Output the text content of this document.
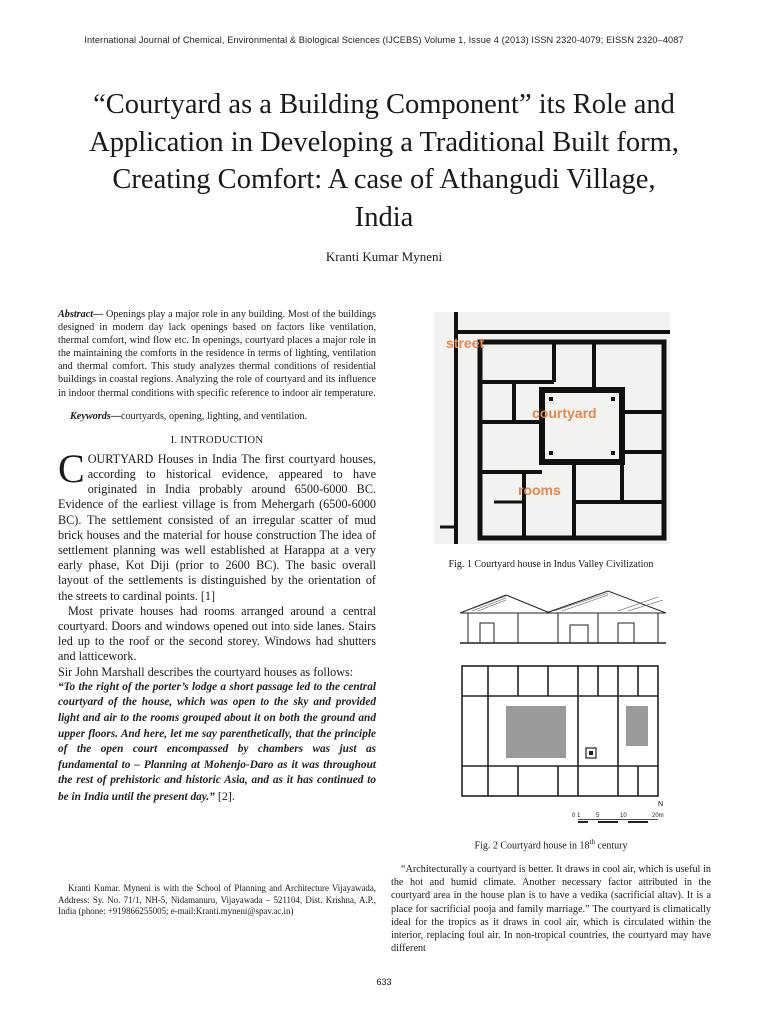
International Journal of Chemical, Environmental & Biological Sciences (IJCEBS) Volume 1, Issue 4 (2013) ISSN 2320-4079; EISSN 2320–4087
“Courtyard as a Building Component” its Role and Application in Developing a Traditional Built form, Creating Comfort: A case of Athangudi Village, India
Kranti Kumar Myneni

Abstract— Openings play a major role in any building. Most of the buildings designed in modern day lack openings based on factors like ventilation, thermal comfort, wind flow etc. In openings, courtyard places a major role in the maintaining the comforts in the residence in terms of lighting, ventilation and thermal comfort. This study analyzes thermal conditions of residential buildings in coastal regions. Analyzing the role of courtyard and its influence in indoor thermal conditions with specific reference to indoor air temperature.

Keywords—courtyards, opening, lighting, and ventilation.

I. INTRODUCTION

COURTYARD Houses in India The first courtyard houses, according to historical evidence, appeared to have originated in India probably around 6500-6000 BC. Evidence of the earliest village is from Mehergarh (6500-6000 BC). The settlement consisted of an irregular scatter of mud brick houses and the material for house construction The idea of settlement planning was well established at Harappa at a very early phase, Kot Diji (prior to 2600 BC). The basic overall layout of the settlements is distinguished by the orientation of the streets to cardinal points. [1]

Most private houses had rooms arranged around a central courtyard. Doors and windows opened out into side lanes. Stairs led up to the roof or the second storey. Windows had shutters and latticework.

Sir John Marshall describes the courtyard houses as follows:

“To the right of the porter’s lodge a short passage led to the central courtyard of the house, which was open to the sky and provided light and air to the rooms grouped about it on both the ground and upper floors. And here, let me say parenthetically, that the principle of the open court encompassed by chambers was just as fundamental to – Planning at Mohenjo-Daro as it was throughout the rest of prehistoric and historic Asia, and as it has continued to be in India until the present day.” [2].

Kranti Kumar. Myneni is with the School of Planning and Architecture Vijayawada, Address: Sy. No. 71/1, NH-5, Nidamanuru, Vijayawada – 521104, Dist. Krishna, A.P., India (phone: +919866255005; e-mail:Kranti.myneni@spav.ac.in)
street
courtyard
rooms
Fig. 1 Courtyard house in Indus Valley Civilization
N
0 1	5	10	20m
Fig. 2 Courtyard house in 18th century

“Architecturally a courtyard is better. It draws in cool air, which is useful in the hot and humid climate. Another necessary factor attributed in the courtyard area in the house plan is to have a vedika (sacrificial altav). It is a place for sacrificial pooja and family marriage.” The courtyard is climatically ideal for the tropics as it draws in cool air, which is circulated within the interior, replacing foul air. In non-tropical countries, the courtyard may have different

633
